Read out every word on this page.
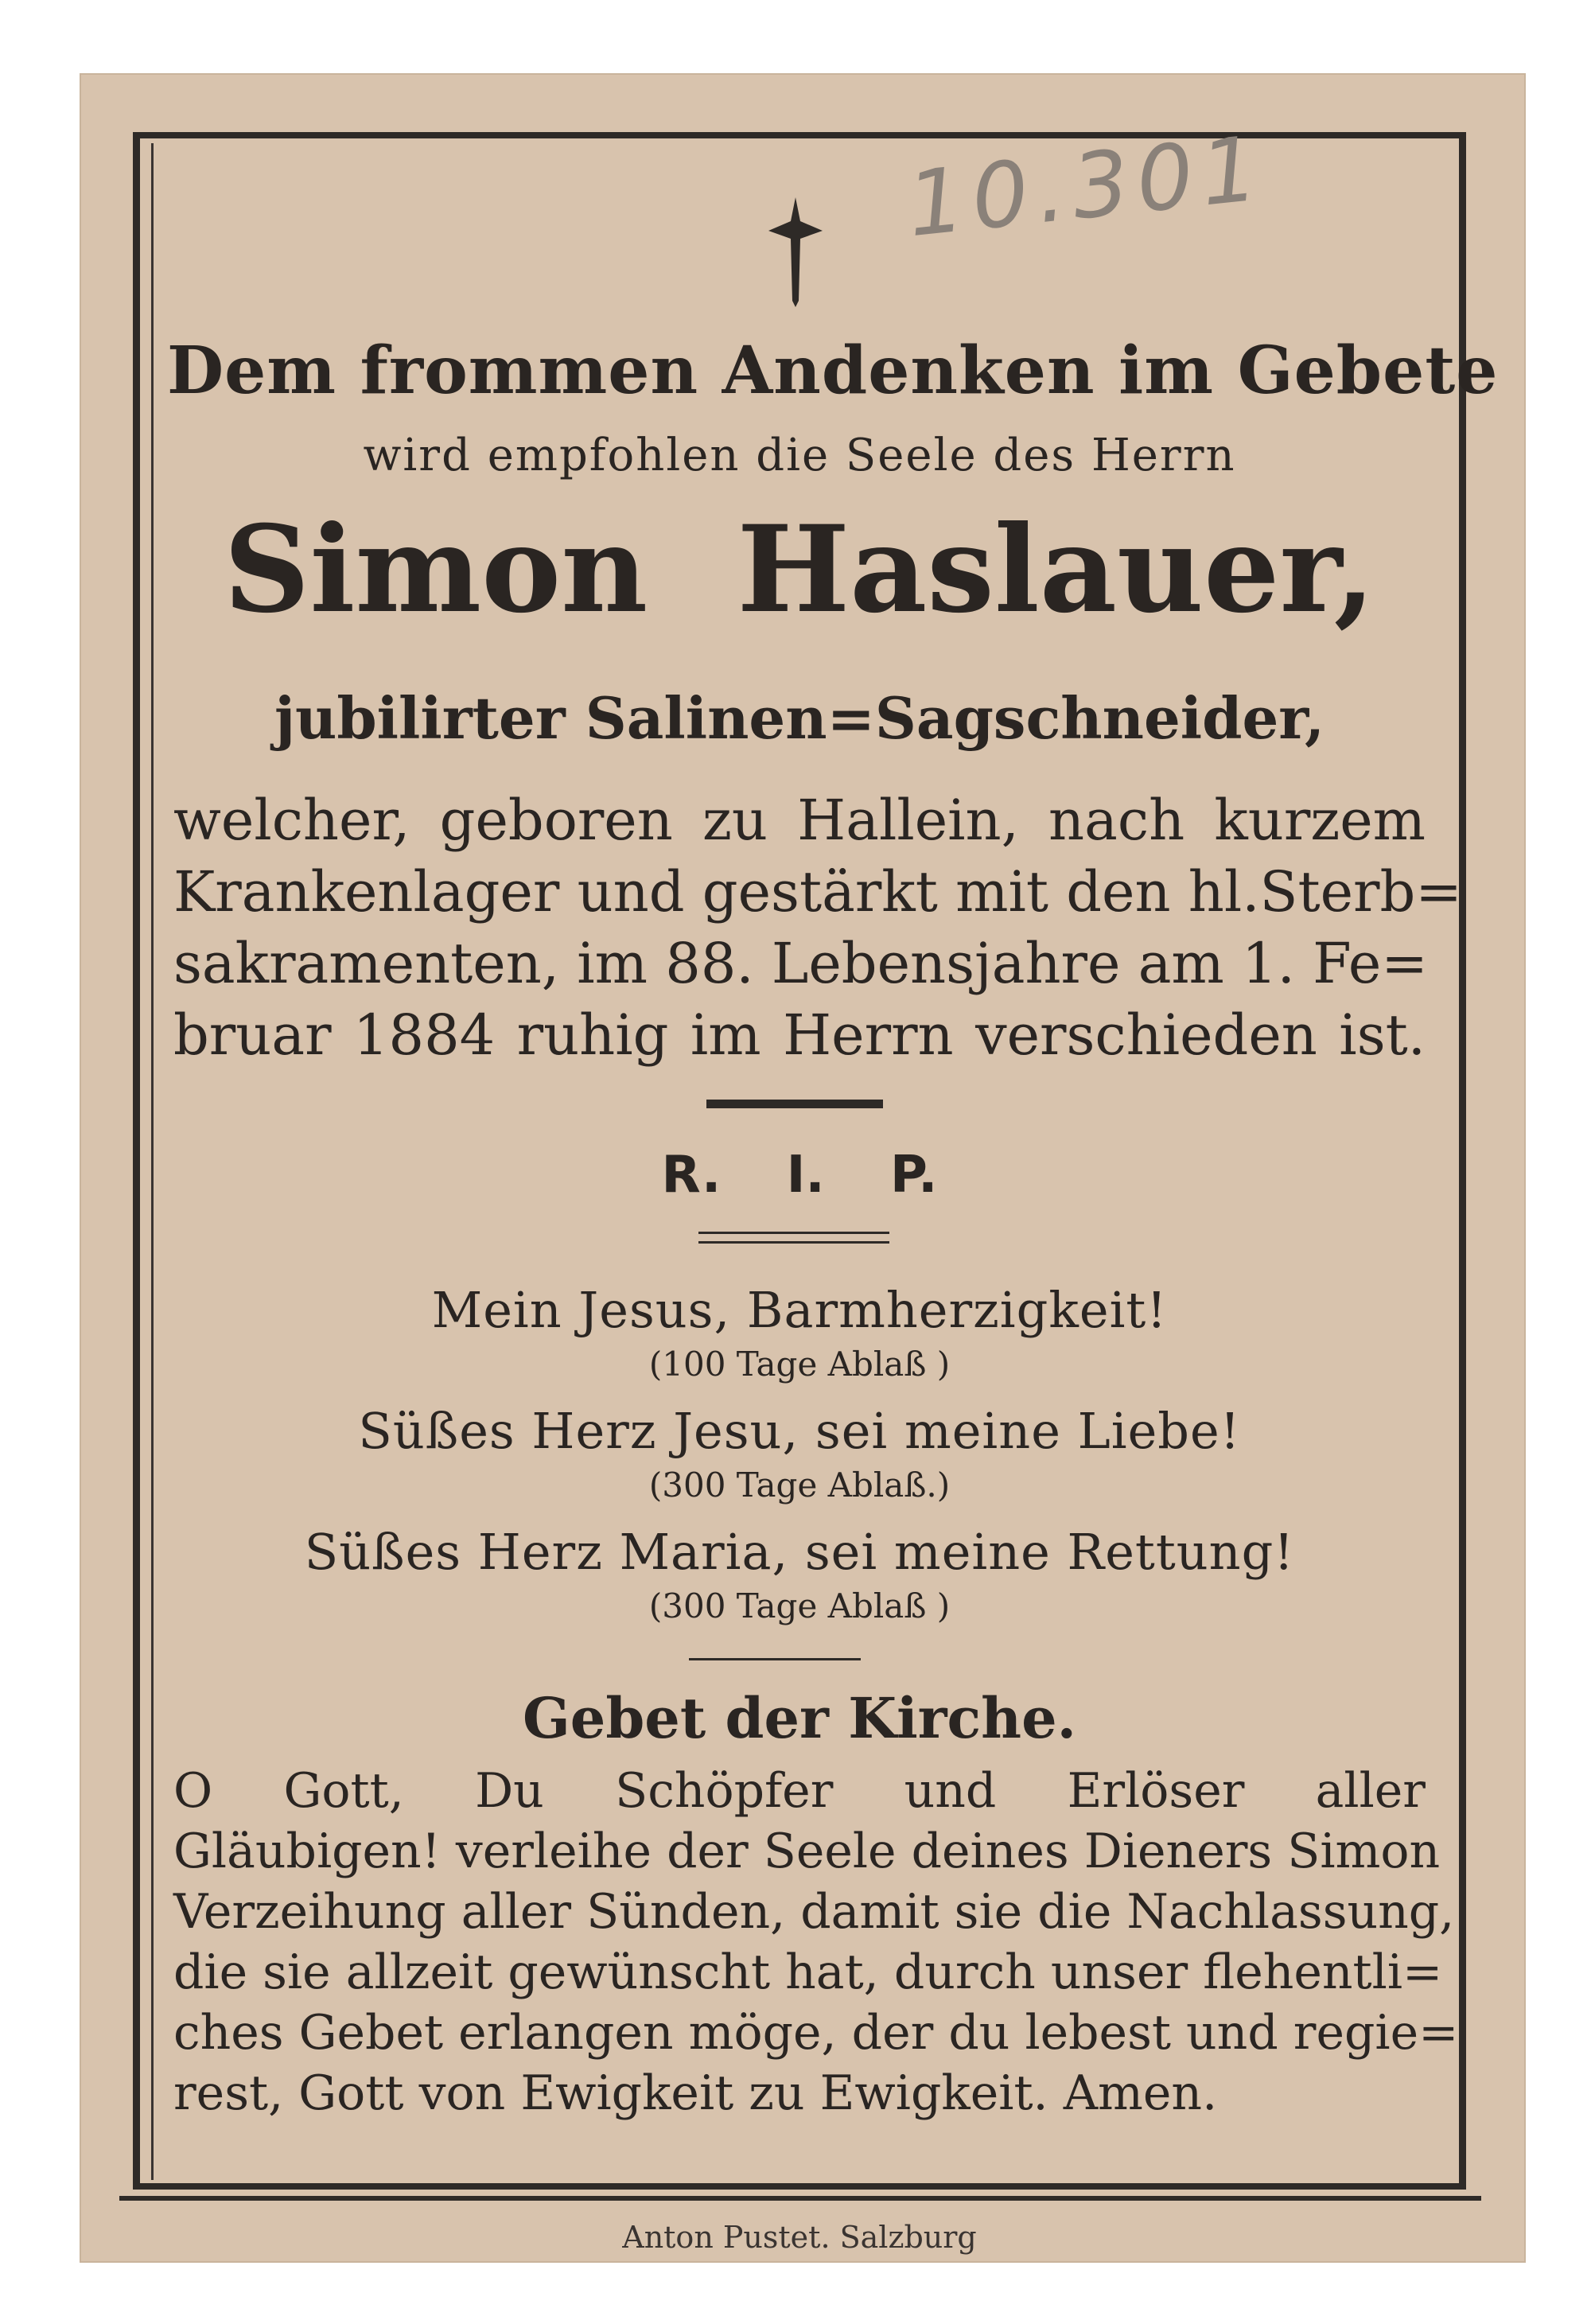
10.301
Dem frommen Andenken im Gebete
wird empfohlen die Seele des Herrn
Simon Haslauer,
jubilirter Salinen=Sagschneider,
welcher, geboren zu Hallein, nach kurzem
Krankenlager und gestärkt mit den hl.Sterb=
sakramenten, im 88. Lebensjahre am 1. Fe=
bruar 1884 ruhig im Herrn verschieden ist.
R. I. P.
Mein Jesus, Barmherzigkeit!
(100 Tage Ablaß )
Süßes Herz Jesu, sei meine Liebe!
(300 Tage Ablaß.)
Süßes Herz Maria, sei meine Rettung!
(300 Tage Ablaß )
Gebet der Kirche.
O Gott, Du Schöpfer und Erlöser aller
Gläubigen! verleihe der Seele deines Dieners Simon
Verzeihung aller Sünden, damit sie die Nachlassung,
die sie allzeit gewünscht hat, durch unser flehentli=
ches Gebet erlangen möge, der du lebest und regie=
rest, Gott von Ewigkeit zu Ewigkeit. Amen.
Anton Pustet. Salzburg
